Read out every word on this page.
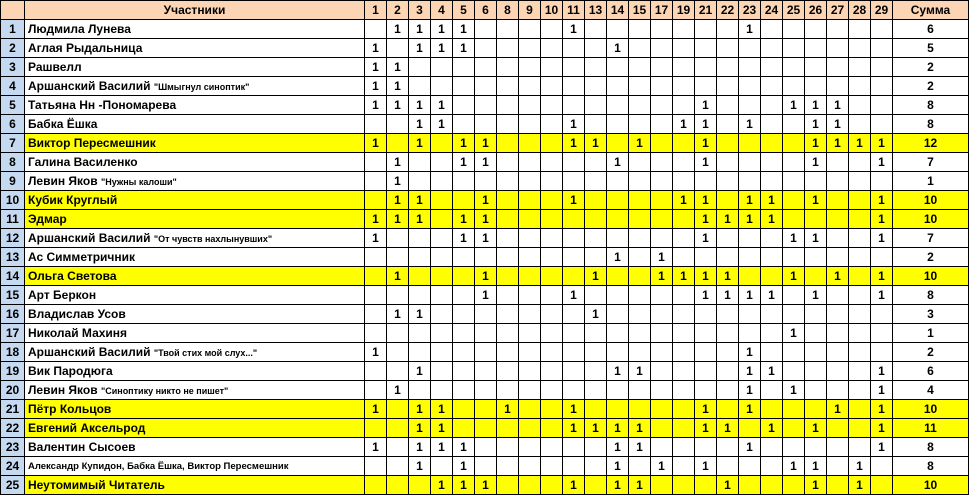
	Участники	1	2	3	4	5	6	8	9	10	11	13	14	15	17	19	21	22	23	24	25	26	27	28	29	Сумма
1	Людмила Лунева		1	1	1	1					1								1							6
2	Аглая Рыдальница	1		1	1	1							1													5
3	Рашвелл	1	1																							2
4	Аршанский Василий "Шмыгнул синоптик"	1	1																							2
5	Татьяна Нн -Пономарева	1	1	1	1												1				1	1	1			8
6	Бабка Ёшка			1	1						1					1	1		1			1	1			8
7	Виктор Пересмешник	1		1		1	1				1	1		1			1					1	1	1	1	12
8	Галина Василенко		1			1	1						1				1					1			1	7
9	Левин Яков "Нужны калоши"		1																							1
10	Кубик Круглый		1	1			1				1					1	1		1	1		1			1	10
11	Эдмар	1	1	1		1	1										1	1	1	1					1	10
12	Аршанский Василий "От чувств нахлынувших"	1				1	1										1				1	1			1	7
13	Ас Симметричник												1		1											2
14	Ольга Светова		1				1					1			1	1	1	1			1		1		1	10
15	Арт Беркон						1				1						1	1	1	1		1			1	8
16	Владислав Усов		1	1								1														3
17	Николай Махиня																				1					1
18	Аршанский Василий "Твой стих мой слух..."	1																	1							2
19	Вик Пародюга			1									1	1					1	1					1	6
20	Левин Яков "Синоптику никто не пишет"		1																1		1				1	4
21	Пётр Кольцов	1		1	1			1			1						1		1				1		1	10
22	Евгений Аксельрод			1	1						1	1	1	1			1	1		1		1			1	11
23	Валентин Сысоев	1		1	1	1							1	1					1						1	8
24	Александр Купидон, Бабка Ёшка, Виктор Пересмешник			1		1							1		1		1				1	1		1		8
25	Неутомимый Читатель				1	1	1				1		1	1				1				1		1		10
